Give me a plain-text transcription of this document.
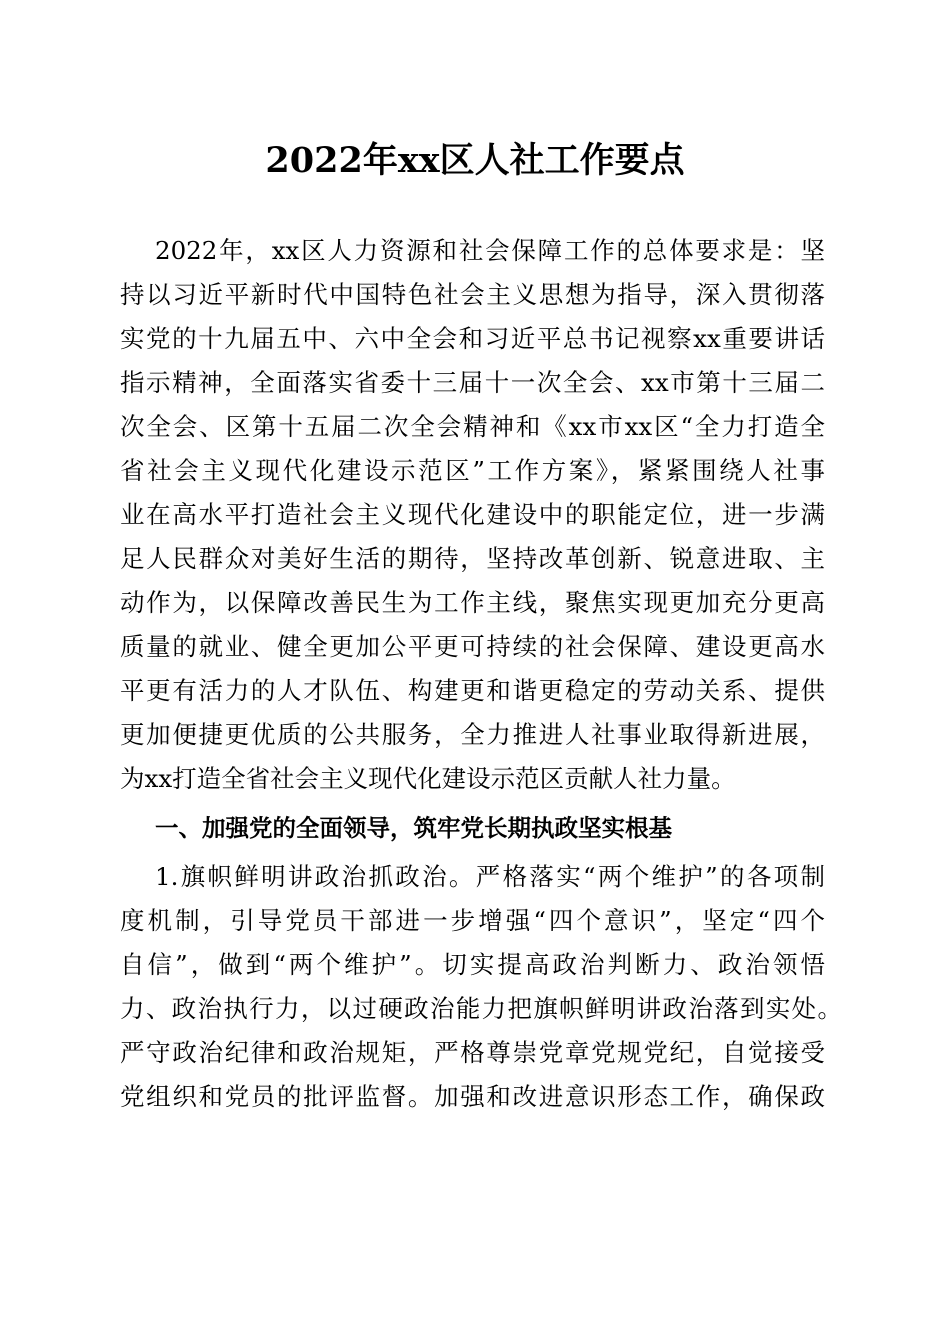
2022年xx区人社工作要点

2022年，xx区人力资源和社会保障工作的总体要求是：坚

持以习近平新时代中国特色社会主义思想为指导，深入贯彻落

实党的十九届五中、六中全会和习近平总书记视察xx重要讲话

指示精神，全面落实省委十三届十一次全会、xx市第十三届二

次全会、区第十五届二次全会精神和《xx市xx区“全力打造全

省社会主义现代化建设示范区”工作方案》，紧紧围绕人社事

业在高水平打造社会主义现代化建设中的职能定位，进一步满

足人民群众对美好生活的期待，坚持改革创新、锐意进取、主

动作为，以保障改善民生为工作主线，聚焦实现更加充分更高

质量的就业、健全更加公平更可持续的社会保障、建设更高水

平更有活力的人才队伍、构建更和谐更稳定的劳动关系、提供

更加便捷更优质的公共服务，全力推进人社事业取得新进展，

为xx打造全省社会主义现代化建设示范区贡献人社力量。

一、加强党的全面领导，筑牢党长期执政坚实根基

1.旗帜鲜明讲政治抓政治。严格落实“两个维护”的各项制

度机制，引导党员干部进一步增强“四个意识”，坚定“四个

自信”，做到“两个维护”。切实提高政治判断力、政治领悟

力、政治执行力，以过硬政治能力把旗帜鲜明讲政治落到实处。

严守政治纪律和政治规矩，严格尊崇党章党规党纪，自觉接受

党组织和党员的批评监督。加强和改进意识形态工作，确保政
